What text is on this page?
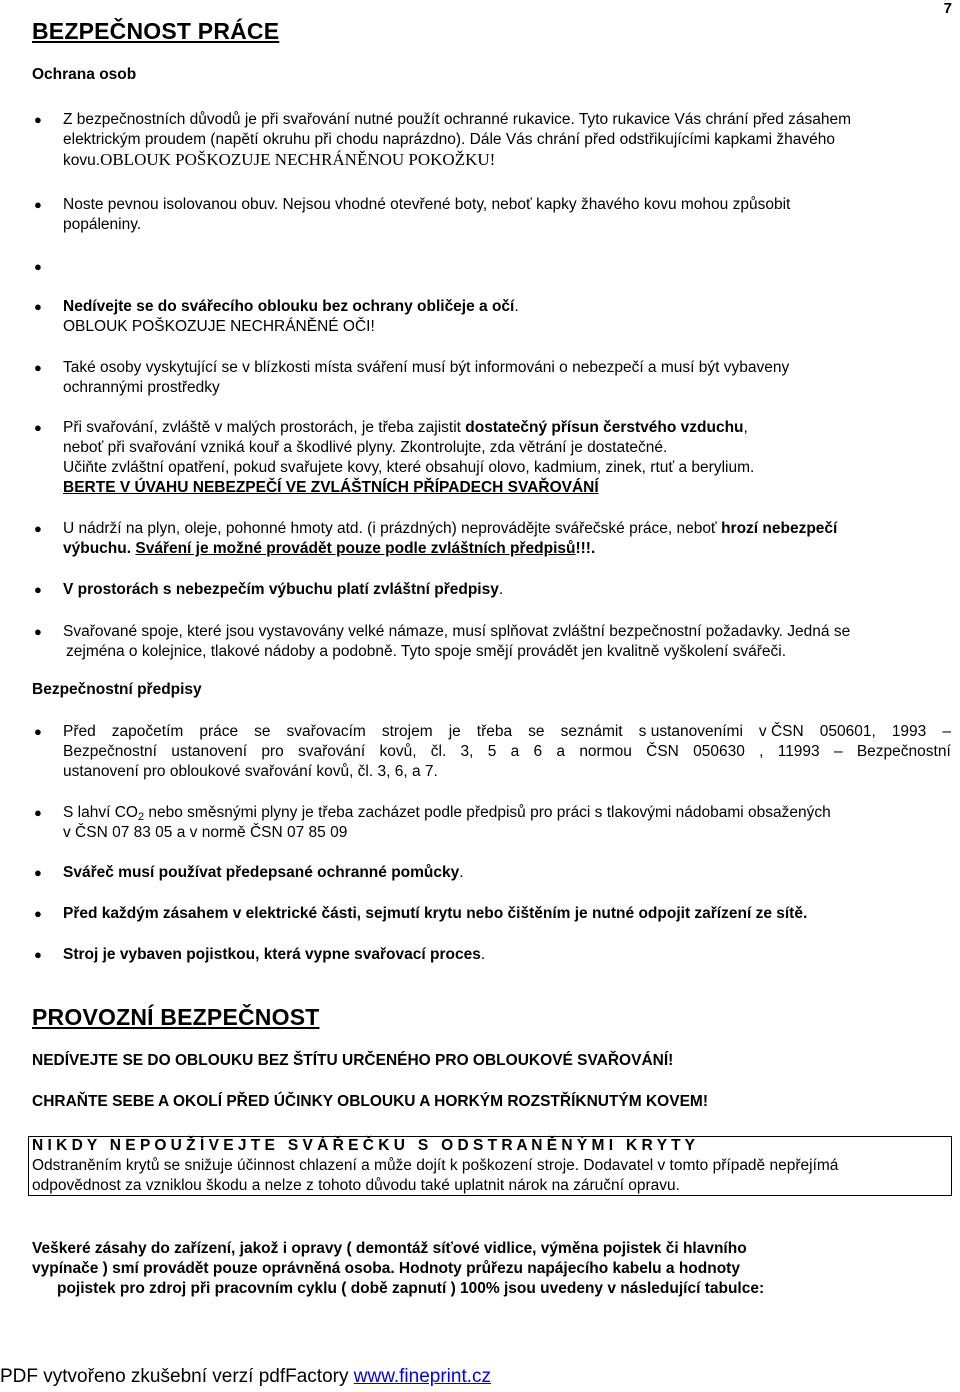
7
BEZPEČNOST PRÁCE
Ochrana osob
● Z bezpečnostních důvodů je při svařování nutné použít ochranné rukavice. Tyto rukavice Vás chrání před zásahem
elektrickým proudem (napětí okruhu při chodu naprázdno). Dále Vás chrání před odstřikujícími kapkami žhavého
kovu.OBLOUK POŠKOZUJE NECHRÁNĚNOU POKOŽKU!
● Noste pevnou isolovanou obuv. Nejsou vhodné otevřené boty, neboť kapky žhavého kovu mohou způsobit
popáleniny.
●
● Nedívejte se do svářecího oblouku bez ochrany obličeje a očí.
OBLOUK POŠKOZUJE NECHRÁNĚNÉ OČI!
● Také osoby vyskytující se v blízkosti místa sváření musí být informováni o nebezpečí a musí být vybaveny
ochrannými prostředky
● Při svařování, zvláště v malých prostorách, je třeba zajistit dostatečný přísun čerstvého vzduchu,
neboť při svařování vzniká kouř a škodlivé plyny. Zkontrolujte, zda větrání je dostatečné.
Učiňte zvláštní opatření, pokud svařujete kovy, které obsahují olovo, kadmium, zinek, rtuť a berylium.
BERTE V ÚVAHU NEBEZPEČÍ VE ZVLÁŠTNÍCH PŘÍPADECH SVAŘOVÁNÍ
● U nádrží na plyn, oleje, pohonné hmoty atd. (i prázdných) neprovádějte svářečské práce, neboť hrozí nebezpečí
výbuchu. Sváření je možné provádět pouze podle zvláštních předpisů!!!.
● V prostorách s nebezpečím výbuchu platí zvláštní předpisy.
● Svařované spoje, které jsou vystavovány velké námaze, musí splňovat zvláštní bezpečnostní požadavky. Jedná se
zejména o kolejnice, tlakové nádoby a podobně. Tyto spoje smějí provádět jen kvalitně vyškolení svářeči.
Bezpečnostní předpisy
● Před započetím práce se svařovacím strojem je třeba se seznámit s ustanoveními v ČSN 050601, 1993 –
Bezpečnostní ustanovení pro svařování kovů, čl. 3, 5 a 6 a normou ČSN 050630 , 11993 – Bezpečnostní
ustanovení pro obloukové svařování kovů, čl. 3, 6, a 7.
● S lahví $CO_2$ nebo směsnými plyny je třeba zacházet podle předpisů pro práci s tlakovými nádobami obsažených
v ČSN 07 83 05 a v normě ČSN 07 85 09
● Svářeč musí používat předepsané ochranné pomůcky.
● Před každým zásahem v elektrické části, sejmutí krytu nebo čištěním je nutné odpojit zařízení ze sítě.
● Stroj je vybaven pojistkou, která vypne svařovací proces.
PROVOZNÍ BEZPEČNOST
NEDÍVEJTE SE DO OBLOUKU BEZ ŠTÍTU URČENÉHO PRO OBLOUKOVÉ SVAŘOVÁNÍ!
CHRAŇTE SEBE A OKOLÍ PŘED ÚČINKY OBLOUKU A HORKÝM ROZSTŘÍKNUTÝM KOVEM!
N I K D Y   N E P O U Ž Í V E J T E   S V Á Ř E Č K U   S   O D S T R A N Ě N Ý M I   K R Y T Y
Odstraněním krytů se snižuje účinnost chlazení a může dojít k poškození stroje. Dodavatel v tomto případě nepřejímá
odpovědnost za vzniklou škodu a nelze z tohoto důvodu také uplatnit nárok na záruční opravu.
Veškeré zásahy do zařízení, jakož i opravy ( demontáž síťové vidlice, výměna pojistek či hlavního
vypínače ) smí provádět pouze oprávněná osoba. Hodnoty průřezu napájecího kabelu a hodnoty
pojistek pro zdroj při pracovním cyklu ( době zapnutí ) 100% jsou uvedeny v následující tabulce:
PDF vytvořeno zkušební verzí pdfFactory www.fineprint.cz
